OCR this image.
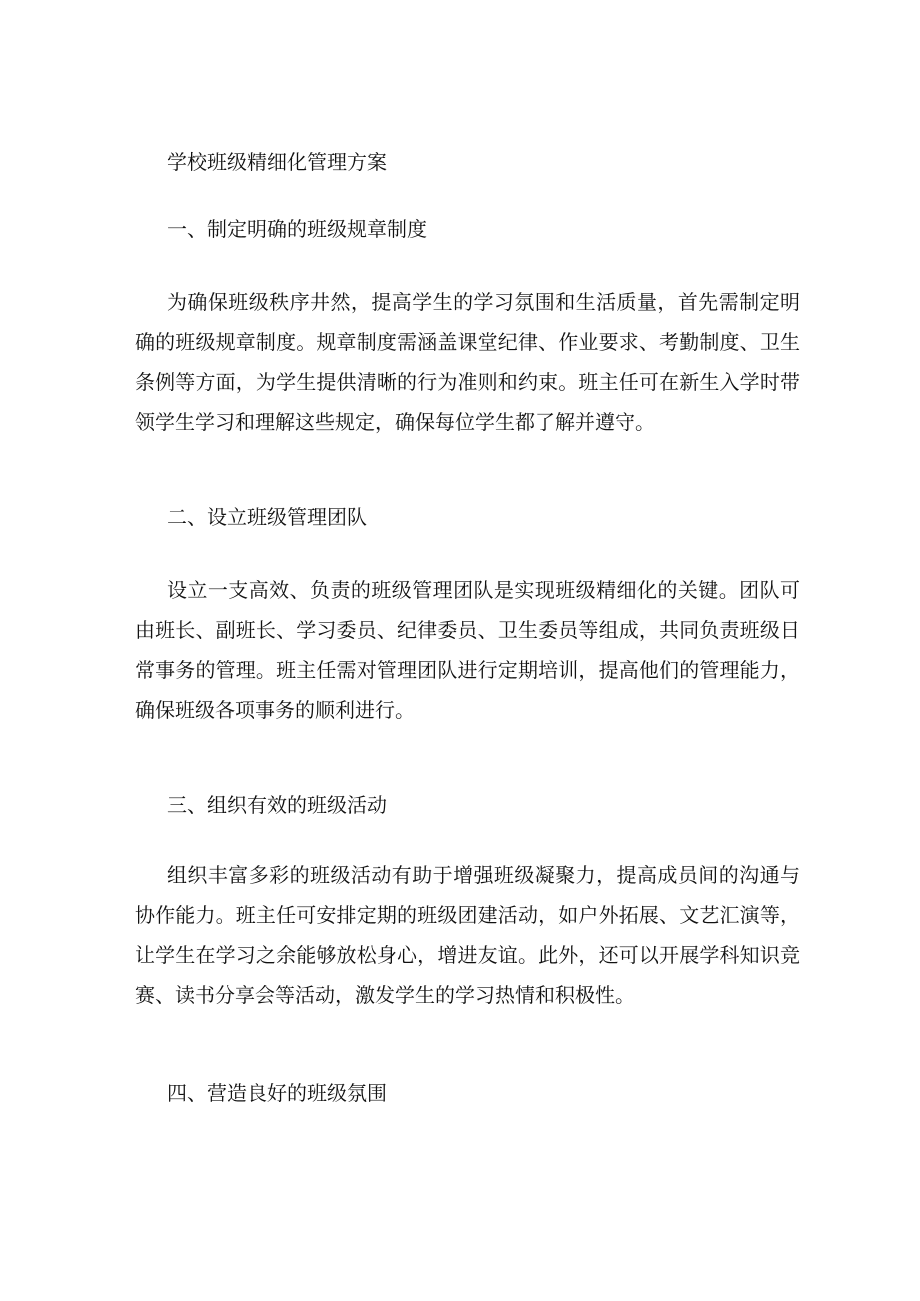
学校班级精细化管理方案
一、制定明确的班级规章制度

为确保班级秩序井然，提高学生的学习氛围和生活质量，首先需制定明确的班级规章制度。规章制度需涵盖课堂纪律、作业要求、考勤制度、卫生条例等方面，为学生提供清晰的行为准则和约束。班主任可在新生入学时带领学生学习和理解这些规定，确保每位学生都了解并遵守。

二、设立班级管理团队

设立一支高效、负责的班级管理团队是实现班级精细化的关键。团队可由班长、副班长、学习委员、纪律委员、卫生委员等组成，共同负责班级日常事务的管理。班主任需对管理团队进行定期培训，提高他们的管理能力，确保班级各项事务的顺利进行。

三、组织有效的班级活动

组织丰富多彩的班级活动有助于增强班级凝聚力，提高成员间的沟通与协作能力。班主任可安排定期的班级团建活动，如户外拓展、文艺汇演等，让学生在学习之余能够放松身心，增进友谊。此外，还可以开展学科知识竞赛、读书分享会等活动，激发学生的学习热情和积极性。

四、营造良好的班级氛围
